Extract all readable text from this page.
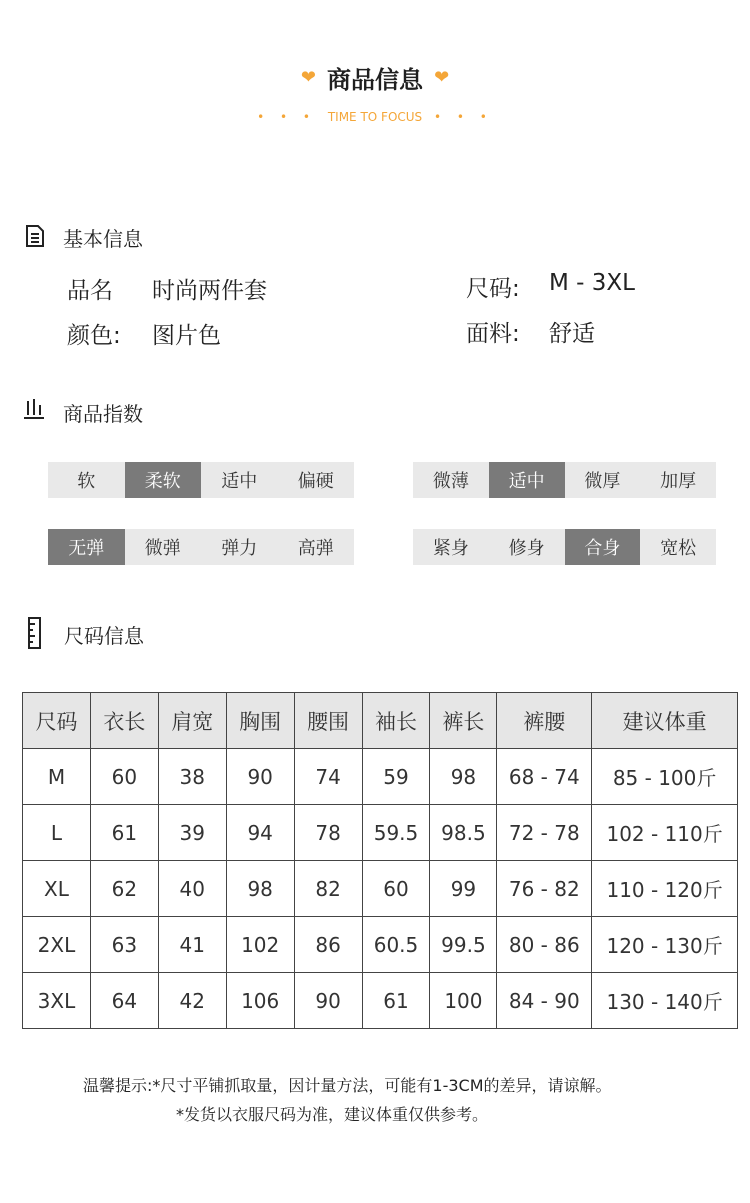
❤ 商品信息 ❤
• • • TIME TO FOCUS • • •
基本信息
品名 时尚两件套	尺码: M - 3XL
颜色: 图片色	面料: 舒适
商品指数
软	柔软	适中	偏硬	微薄	适中	微厚	加厚
无弹	微弹	弹力	高弹	紧身	修身	合身	宽松
尺码信息
尺码	衣长	肩宽	胸围	腰围	袖长	裤长	裤腰	建议体重
M	60	38	90	74	59	98	68 - 74	85 - 100斤
L	61	39	94	78	59.5	98.5	72 - 78	102 - 110斤
XL	62	40	98	82	60	99	76 - 82	110 - 120斤
2XL	63	41	102	86	60.5	99.5	80 - 86	120 - 130斤
3XL	64	42	106	90	61	100	84 - 90	130 - 140斤
温馨提示:*尺寸平铺抓取量，因计量方法，可能有1-3CM的差异，请谅解。
*发货以衣服尺码为准，建议体重仅供参考。
